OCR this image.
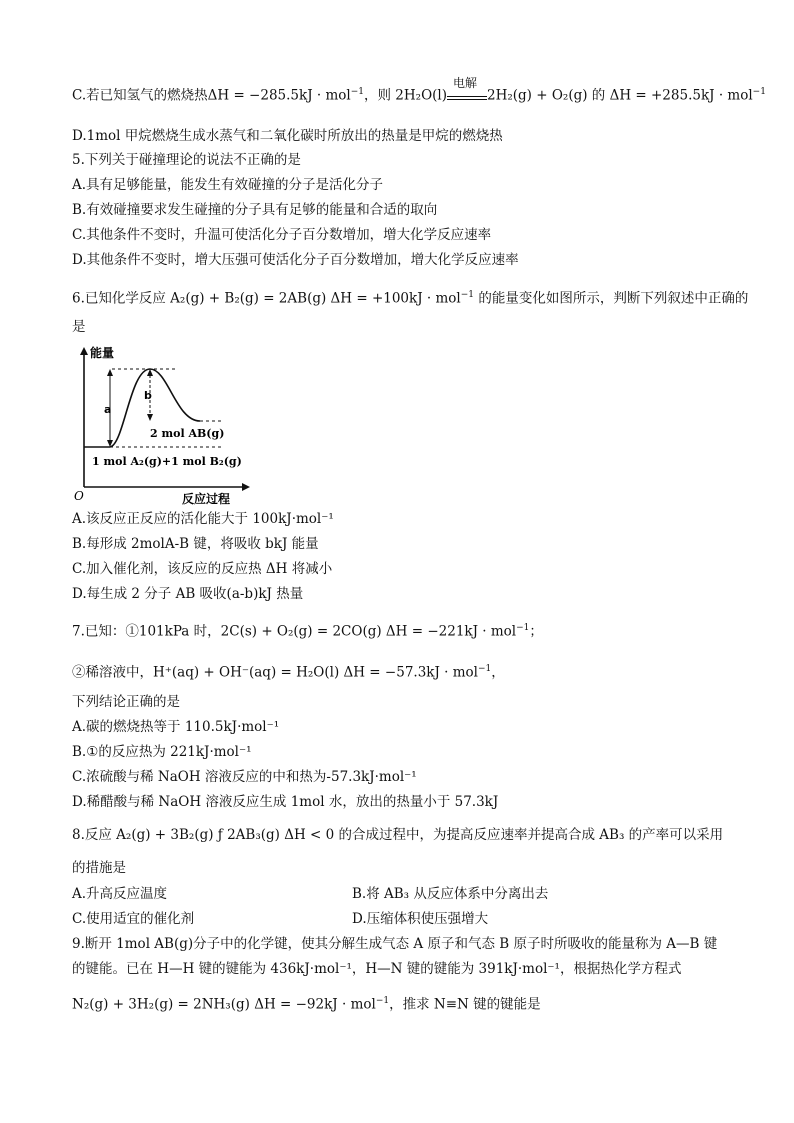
C.若已知氢气的燃烧热ΔH = −285.5kJ · mol$^{-1}$，则 2H₂O(l)
电解
2H₂(g) + O₂(g) 的 ΔH = +285.5kJ · mol$^{-1}$
D.1mol 甲烷燃烧生成水蒸气和二氧化碳时所放出的热量是甲烷的燃烧热
5.下列关于碰撞理论的说法不正确的是
A.具有足够能量，能发生有效碰撞的分子是活化分子
B.有效碰撞要求发生碰撞的分子具有足够的能量和合适的取向
C.其他条件不变时，升温可使活化分子百分数增加，增大化学反应速率
D.其他条件不变时，增大压强可使活化分子百分数增加，增大化学反应速率
6.已知化学反应 A₂(g) + B₂(g) = 2AB(g) ΔH = +100kJ · mol$^{-1}$ 的能量变化如图所示，判断下列叙述中正确的
是
能量
a
b
2 mol AB(g)
1 mol A₂(g)+1 mol B₂(g)
O	反应过程
A.该反应正反应的活化能大于 100kJ·mol⁻¹
B.每形成 2molA-B 键，将吸收 bkJ 能量
C.加入催化剂，该反应的反应热 ΔH 将减小
D.每生成 2 分子 AB 吸收(a-b)kJ 热量
7.已知：①101kPa 时，2C(s) + O₂(g) = 2CO(g) ΔH = −221kJ · mol$^{-1}$；
②稀溶液中，H⁺(aq) + OH⁻(aq) = H₂O(l) ΔH = −57.3kJ · mol$^{-1}$，
下列结论正确的是
A.碳的燃烧热等于 110.5kJ·mol⁻¹
B.①的反应热为 221kJ·mol⁻¹
C.浓硫酸与稀 NaOH 溶液反应的中和热为-57.3kJ·mol⁻¹
D.稀醋酸与稀 NaOH 溶液反应生成 1mol 水，放出的热量小于 57.3kJ
8.反应 A₂(g) + 3B₂(g) ƒ 2AB₃(g) ΔH < 0 的合成过程中，为提高反应速率并提高合成 AB₃ 的产率可以采用
的措施是
A.升高反应温度	B.将 AB₃ 从反应体系中分离出去
C.使用适宜的催化剂	D.压缩体积使压强增大
9.断开 1mol AB(g)分子中的化学键，使其分解生成气态 A 原子和气态 B 原子时所吸收的能量称为 A—B 键
的键能。已在 H—H 键的键能为 436kJ·mol⁻¹，H—N 键的键能为 391kJ·mol⁻¹，根据热化学方程式
N₂(g) + 3H₂(g) = 2NH₃(g) ΔH = −92kJ · mol$^{-1}$，推求 N≡N 键的键能是
